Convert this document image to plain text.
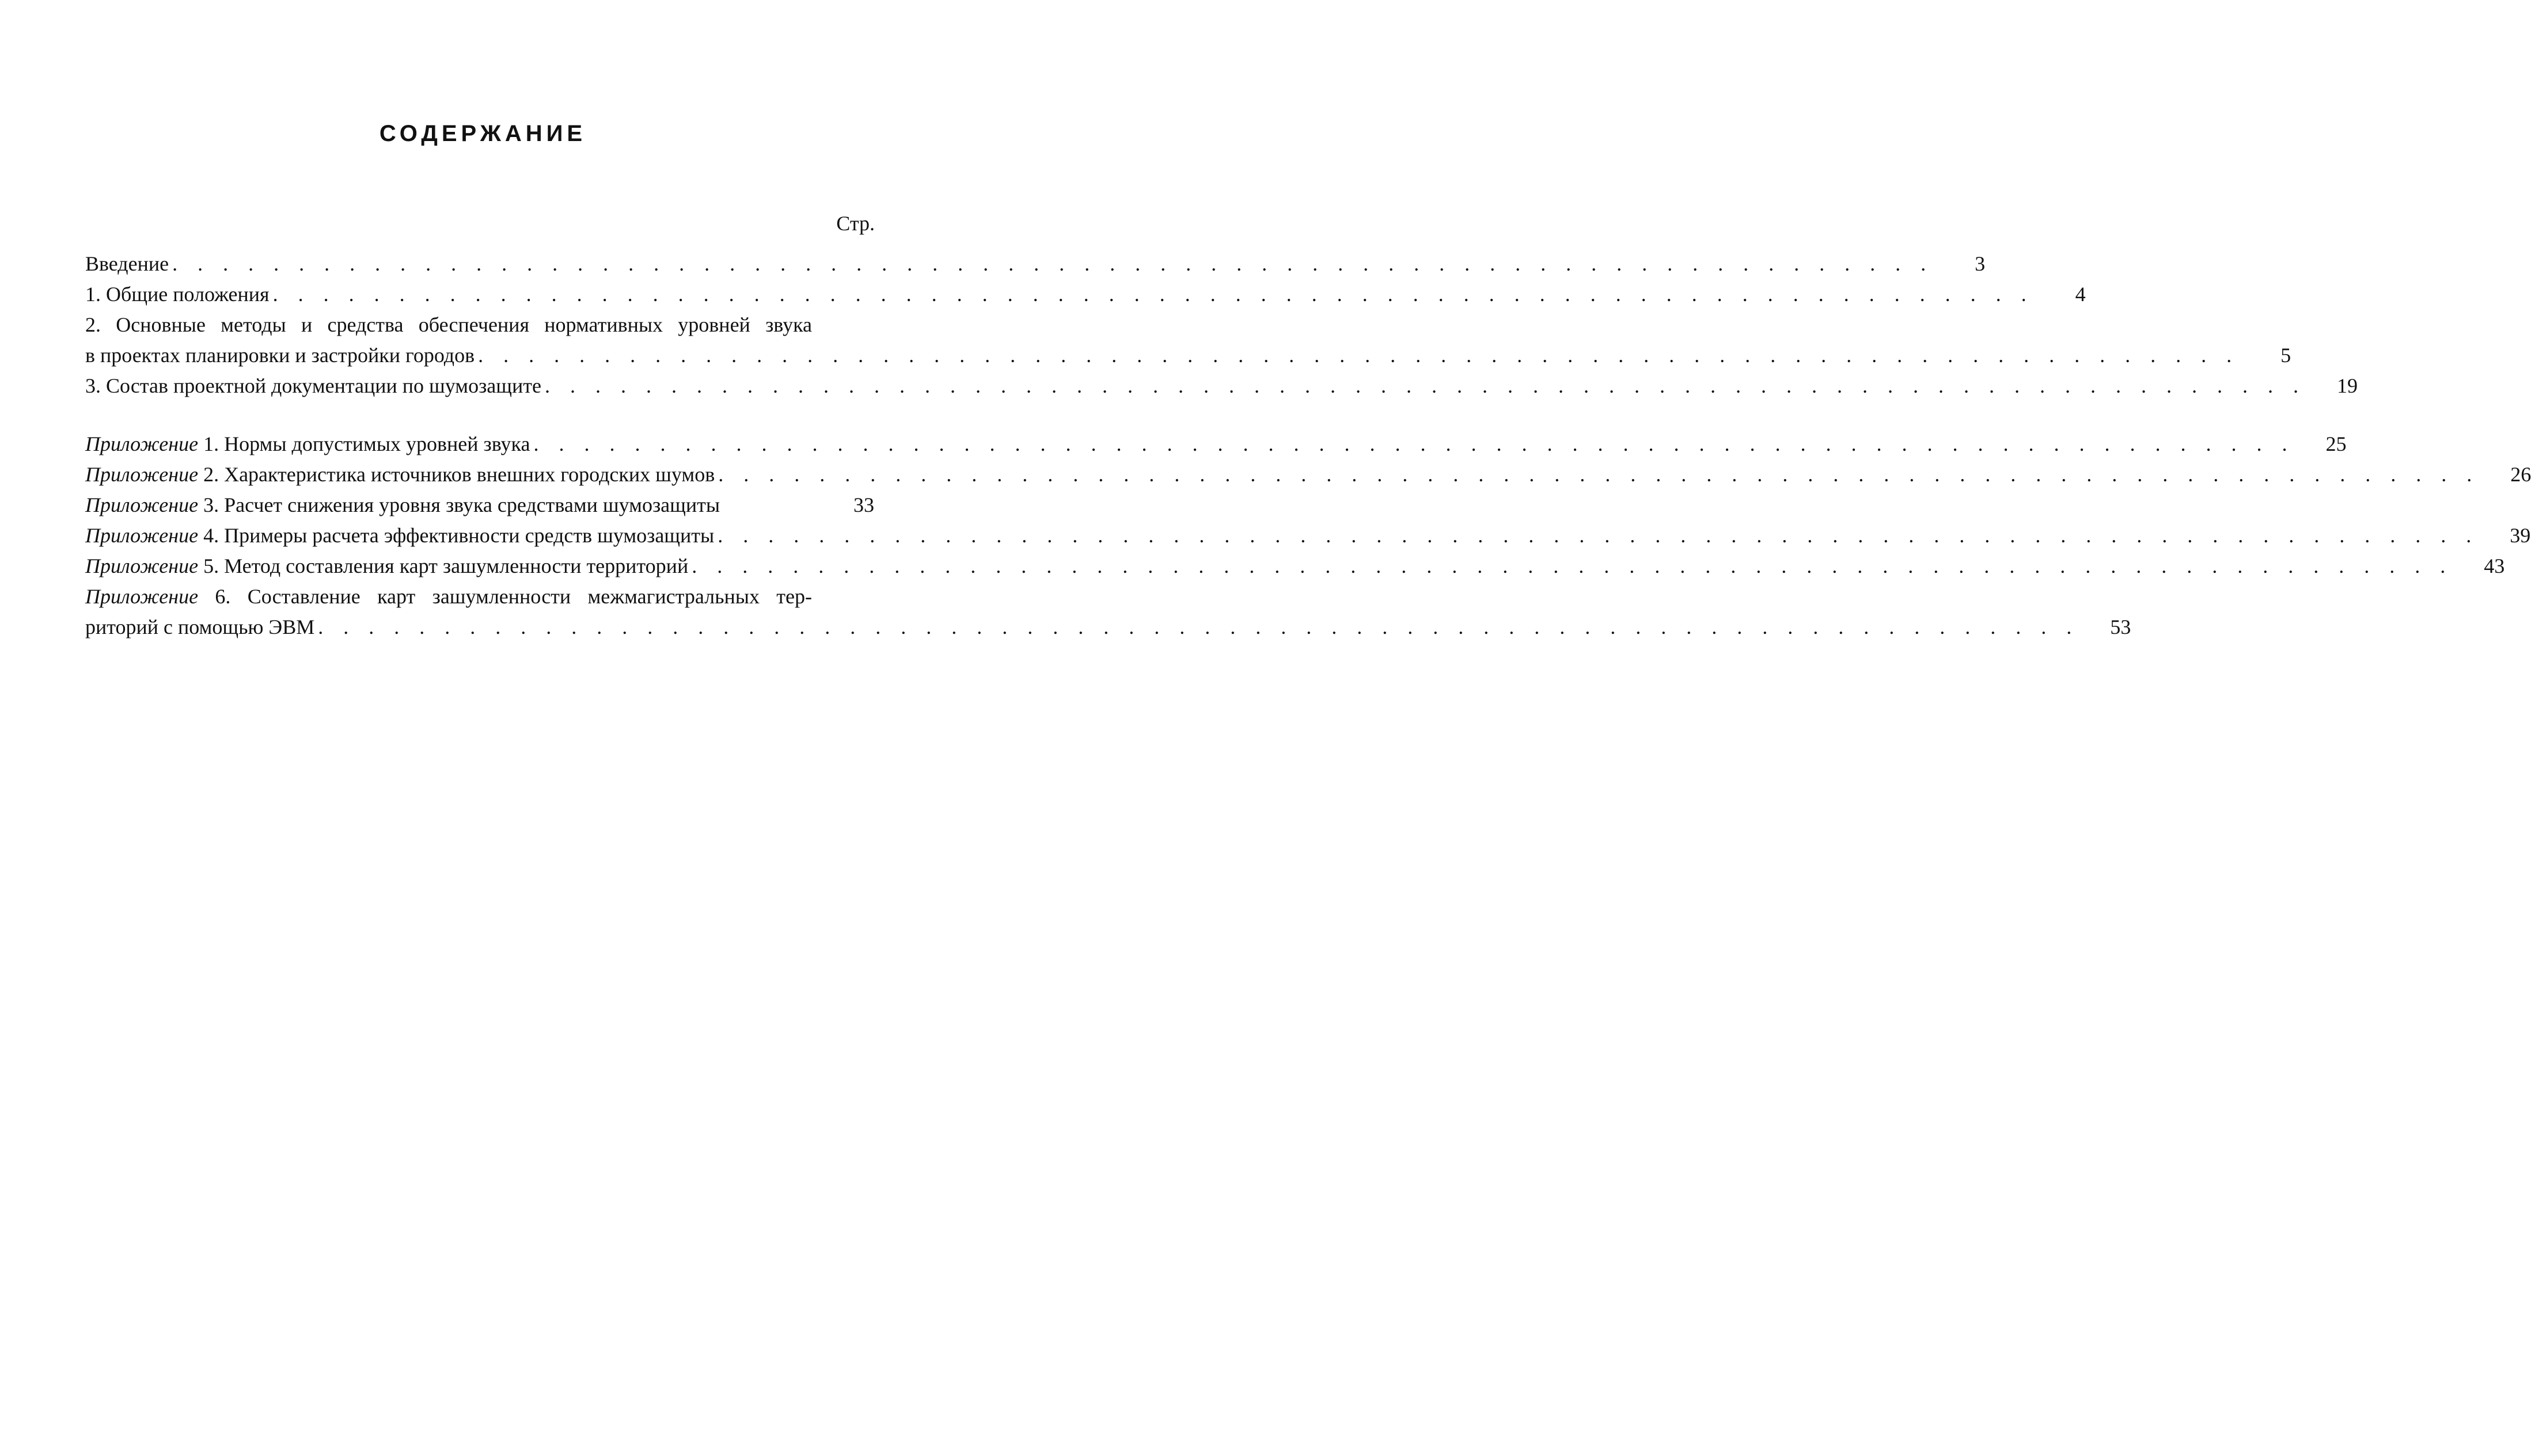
СОДЕРЖАНИЕ
Стр.
Введение . . . . . . . . . . . . . . . . . . . . . . . . . . . . . . . . . . . . . . . . . . . . . . . . . . . . . . . . . . . . . . . . . . . . . .	3
1. Общие положения . . . . . . . . . . . . . . . . . . . . . . . . . . . . . . . . . . . . . . . . . . . . . . . . . . . . . . . . . . . . . . . . . . . . . .	4
2. Основные методы и средства обеспечения нормативных уровней звука
в проектах планировки и застройки городов . . . . . . . . . . . . . . . . . . . . . . . . . . . . . . . . . . . . . . . . . . . . . . . . . . . . . . . . . . . . . . . . . . . . . .	5
3. Состав проектной документации по шумозащите . . . . . . . . . . . . . . . . . . . . . . . . . . . . . . . . . . . . . . . . . . . . . . . . . . . . . . . . . . . . . . . . . . . . . .	19
Приложение 1. Нормы допустимых уровней звука . . . . . . . . . . . . . . . . . . . . . . . . . . . . . . . . . . . . . . . . . . . . . . . . . . . . . . . . . . . . . . . . . . . . . .	25
Приложение 2. Характеристика источников внешних городских шумов . . . . . . . . . . . . . . . . . . . . . . . . . . . . . . . . . . . . . . . . . . . . . . . . . . . . . . . . . . . . . . . . . . . . . .	26
Приложение 3. Расчет снижения уровня звука средствами шумозащиты	33
Приложение 4. Примеры расчета эффективности средств шумозащиты . . . . . . . . . . . . . . . . . . . . . . . . . . . . . . . . . . . . . . . . . . . . . . . . . . . . . . . . . . . . . . . . . . . . . .	39
Приложение 5. Метод составления карт зашумленности территорий . . . . . . . . . . . . . . . . . . . . . . . . . . . . . . . . . . . . . . . . . . . . . . . . . . . . . . . . . . . . . . . . . . . . . .	43
Приложение 6. Составление карт зашумленности межмагистральных тер-
риторий с помощью ЭВМ . . . . . . . . . . . . . . . . . . . . . . . . . . . . . . . . . . . . . . . . . . . . . . . . . . . . . . . . . . . . . . . . . . . . . .	53
